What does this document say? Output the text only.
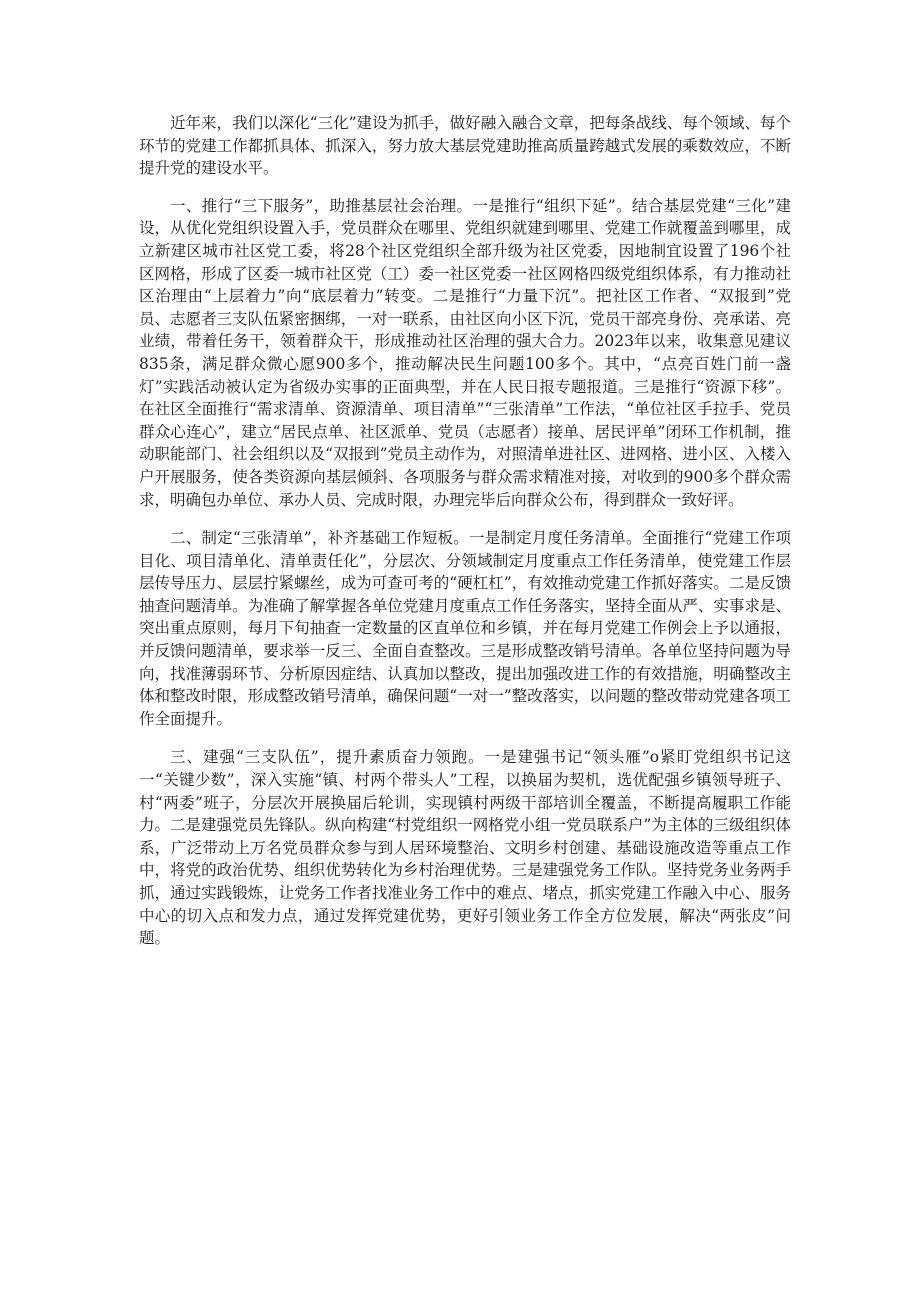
近年来，我们以深化“三化”建设为抓手，做好融入融合文章，把每条战线、每个领域、每个环节的党建工作都抓具体、抓深入，努力放大基层党建助推高质量跨越式发展的乘数效应，不断提升党的建设水平。

一、推行“三下服务”，助推基层社会治理。一是推行“组织下延”。结合基层党建“三化”建设，从优化党组织设置入手，党员群众在哪里、党组织就建到哪里、党建工作就覆盖到哪里，成立新建区城市社区党工委，将28个社区党组织全部升级为社区党委，因地制宜设置了196个社区网格，形成了区委一城市社区党（工）委一社区党委一社区网格四级党组织体系，有力推动社区治理由“上层着力”向“底层着力”转变。二是推行“力量下沉”。把社区工作者、“双报到”党员、志愿者三支队伍紧密捆绑，一对一联系，由社区向小区下沉，党员干部亮身份、亮承诺、亮业绩，带着任务干，领着群众干，形成推动社区治理的强大合力。2023年以来，收集意见建议835条，满足群众微心愿900多个，推动解决民生问题100多个。其中，“点亮百姓门前一盏灯”实践活动被认定为省级办实事的正面典型，并在人民日报专题报道。三是推行“资源下移”。在社区全面推行“需求清单、资源清单、项目清单”“三张清单”工作法，“单位社区手拉手、党员群众心连心”，建立“居民点单、社区派单、党员（志愿者）接单、居民评单”闭环工作机制，推动职能部门、社会组织以及“双报到”党员主动作为，对照清单进社区、进网格、进小区、入楼入户开展服务，使各类资源向基层倾斜、各项服务与群众需求精准对接，对收到的900多个群众需求，明确包办单位、承办人员、完成时限，办理完毕后向群众公布，得到群众一致好评。

二、制定“三张清单”，补齐基础工作短板。一是制定月度任务清单。全面推行“党建工作项目化、项目清单化、清单责任化”，分层次、分领域制定月度重点工作任务清单，使党建工作层层传导压力、层层拧紧螺丝，成为可查可考的“硬杠杠”，有效推动党建工作抓好落实。二是反馈抽查问题清单。为准确了解掌握各单位党建月度重点工作任务落实，坚持全面从严、实事求是、突出重点原则，每月下旬抽查一定数量的区直单位和乡镇，并在每月党建工作例会上予以通报，并反馈问题清单，要求举一反三、全面自查整改。三是形成整改销号清单。各单位坚持问题为导向，找准薄弱环节、分析原因症结、认真加以整改，提出加强改进工作的有效措施，明确整改主体和整改时限，形成整改销号清单，确保问题“一对一”整改落实，以问题的整改带动党建各项工作全面提升。

三、建强“三支队伍”，提升素质奋力领跑。一是建强书记“领头雁”o紧盯党组织书记这一“关键少数”，深入实施“镇、村两个带头人”工程，以换届为契机，选优配强乡镇领导班子、村“两委”班子，分层次开展换届后轮训，实现镇村两级干部培训全覆盖，不断提高履职工作能力。二是建强党员先锋队。纵向构建“村党组织一网格党小组一党员联系户”为主体的三级组织体系，广泛带动上万名党员群众参与到人居环境整治、文明乡村创建、基础设施改造等重点工作中，将党的政治优势、组织优势转化为乡村治理优势。三是建强党务工作队。坚持党务业务两手抓，通过实践锻炼，让党务工作者找准业务工作中的难点、堵点，抓实党建工作融入中心、服务中心的切入点和发力点，通过发挥党建优势，更好引领业务工作全方位发展，解决“两张皮”问题。
